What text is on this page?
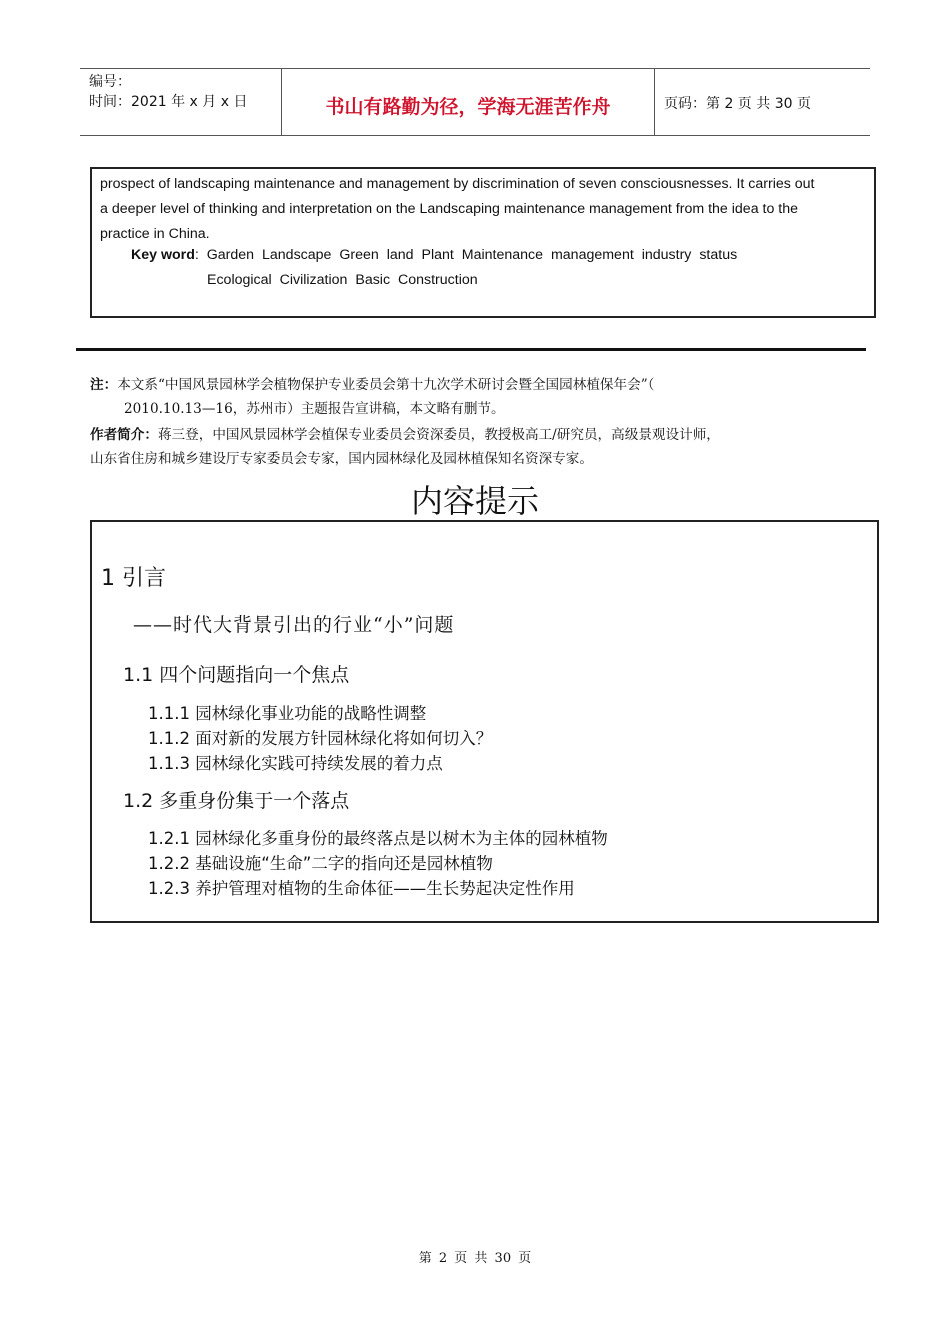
编号：
时间：2021 年 x 月 x 日	书山有路勤为径，学海无涯苦作舟	页码：第 2 页 共 30 页
prospect of landscaping maintenance and management by discrimination of seven consciousnesses. It carries out
a deeper level of thinking and interpretation on the Landscaping maintenance management from the idea to the
practice in China.
Key word: Garden Landscape Green land Plant Maintenance management industry status
Ecological Civilization Basic Construction
注：本文系“中国风景园林学会植物保护专业委员会第十九次学术研讨会暨全国园林植保年会”（
2010.10.13—16，苏州市）主题报告宣讲稿，本文略有删节。
作者简介：蒋三登，中国风景园林学会植保专业委员会资深委员，教授极高工/研究员，高级景观设计师，
山东省住房和城乡建设厅专家委员会专家，国内园林绿化及园林植保知名资深专家。
内容提示
1 引言
——时代大背景引出的行业“小”问题
1.1 四个问题指向一个焦点
1.1.1 园林绿化事业功能的战略性调整
1.1.2 面对新的发展方针园林绿化将如何切入？
1.1.3 园林绿化实践可持续发展的着力点
1.2 多重身份集于一个落点
1.2.1 园林绿化多重身份的最终落点是以树木为主体的园林植物
1.2.2 基础设施“生命”二字的指向还是园林植物
1.2.3 养护管理对植物的生命体征——生长势起决定性作用
第 2 页 共 30 页
